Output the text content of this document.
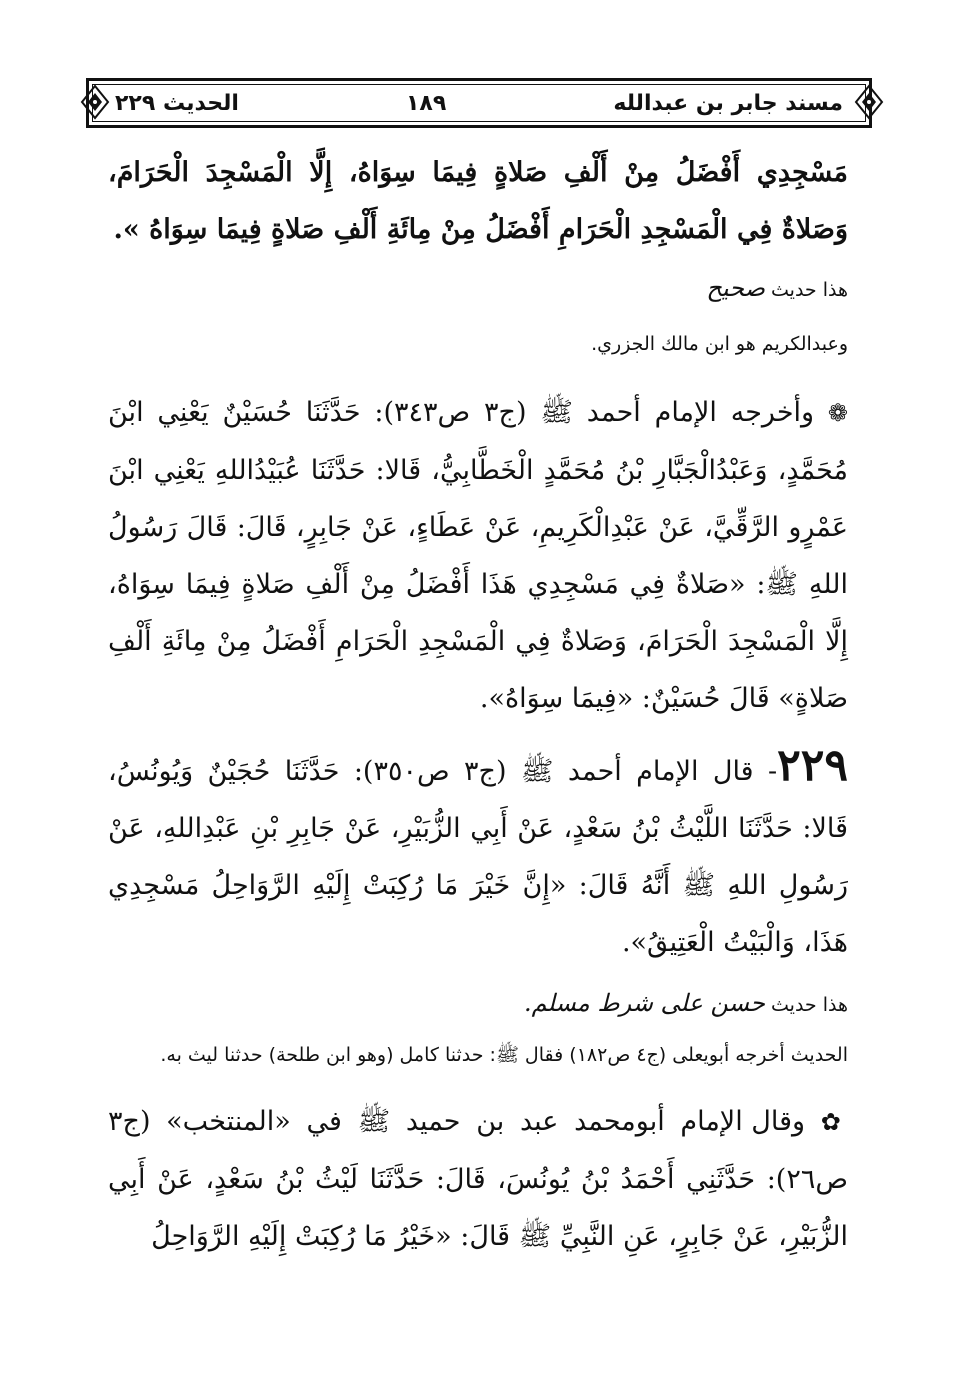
مسند جابر بن عبدالله
١٨٩
الحديث ٢٢٩

مَسْجِدِي أَفْضَلُ مِنْ أَلْفِ صَلاةٍ فِيمَا سِوَاهُ، إِلَّا الْمَسْجِدَ الْحَرَامَ، وَصَلاةٌ فِي الْمَسْجِدِ الْحَرَامِ أَفْضَلُ مِنْ مِائَةِ أَلْفِ صَلاةٍ فِيمَا سِوَاهُ ».

هذا حديث صحيح

وعبدالكريم هو ابن مالك الجزري.

❁ وأخرجه الإمام أحمد ﷺ (ج٣ ص٣٤٣): حَدَّثَنَا حُسَيْنٌ يَعْنِي ابْنَ مُحَمَّدٍ، وَعَبْدُالْجَبَّارِ بْنُ مُحَمَّدٍ الْخَطَّابِيُّ، قَالا: حَدَّثَنَا عُبَيْدُاللهِ يَعْنِي ابْنَ عَمْرٍو الرَّقِّيَّ، عَنْ عَبْدِالْكَرِيمِ، عَنْ عَطَاءٍ، عَنْ جَابِرٍ، قَالَ: قَالَ رَسُولُ اللهِ ﷺ: «صَلاةٌ فِي مَسْجِدِي هَذَا أَفْضَلُ مِنْ أَلْفِ صَلاةٍ فِيمَا سِوَاهُ، إِلَّا الْمَسْجِدَ الْحَرَامَ، وَصَلاةٌ فِي الْمَسْجِدِ الْحَرَامِ أَفْضَلُ مِنْ مِائَةِ أَلْفِ صَلاةٍ» قَالَ حُسَيْنٌ: «فِيمَا سِوَاهُ».

٢٢٩- قال الإمام أحمد ﷺ (ج٣ ص٣٥٠): حَدَّثَنَا حُجَيْنٌ وَيُونُسُ، قَالا: حَدَّثَنَا اللَّيْثُ بْنُ سَعْدٍ، عَنْ أَبِي الزُّبَيْرِ، عَنْ جَابِرِ بْنِ عَبْدِاللهِ، عَنْ رَسُولِ اللهِ ﷺ أَنَّهُ قَالَ: «إِنَّ خَيْرَ مَا رُكِبَتْ إِلَيْهِ الرَّوَاحِلُ مَسْجِدِي هَذَا، وَالْبَيْتُ الْعَتِيقُ».

هذا حديث حسن على شرط مسلم.

الحديث أخرجه أبويعلى (ج٤ ص١٨٢) فقال ﷺ: حدثنا كامل (وهو ابن طلحة) حدثنا ليث به.

✿ وقال الإمام أبومحمد عبد بن حميد ﷺ في «المنتخب» (ج٣ ص٢٦): حَدَّثَنِي أَحْمَدُ بْنُ يُونُسَ، قَالَ: حَدَّثَنَا لَيْثُ بْنُ سَعْدٍ، عَنْ أَبِي الزُّبَيْرِ، عَنْ جَابِرٍ، عَنِ النَّبِيِّ ﷺ قَالَ: «خَيْرُ مَا رُكِبَتْ إِلَيْهِ الرَّوَاحِلُ
